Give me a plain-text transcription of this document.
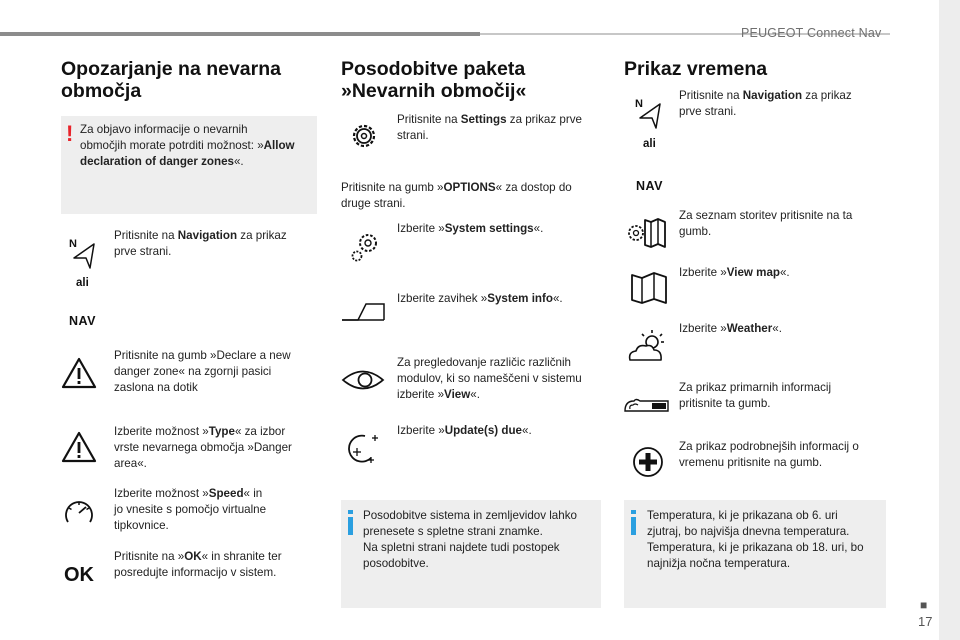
PEUGEOT Connect Nav
■
17
Opozarjanje na nevarna
območja
! Za objavo informacije o nevarnih
območjih morate potrditi možnost: »Allow
declaration of danger zones«.
N
ali
NAV
Pritisnite na Navigation za prikaz
prve strani.
Pritisnite na gumb »Declare a new
danger zone« na zgornji pasici
zaslona na dotik
Izberite možnost »Type« za izbor
vrste nevarnega območja »Danger
area«.
Izberite možnost »Speed« in
jo vnesite s pomočjo virtualne
tipkovnice.
OK
Pritisnite na »OK« in shranite ter
posredujte informacijo v sistem.
Posodobitve paketa
»Nevarnih območij«
Pritisnite na Settings za prikaz prve
strani.
Pritisnite na gumb »OPTIONS« za dostop do
druge strani.
Izberite »System settings«.
Izberite zavihek »System info«.
Za pregledovanje različic različnih
modulov, ki so nameščeni v sistemu
izberite »View«.
Izberite »Update(s) due«.
Posodobitve sistema in zemljevidov lahko
prenesete s spletne strani znamke.
Na spletni strani najdete tudi postopek
posodobitve.
Prikaz vremena
N
ali
NAV
Pritisnite na Navigation za prikaz
prve strani.
Za seznam storitev pritisnite na ta
gumb.
Izberite »View map«.
Izberite »Weather«.
Za prikaz primarnih informacij
pritisnite ta gumb.
Za prikaz podrobnejših informacij o
vremenu pritisnite na gumb.
Temperatura, ki je prikazana ob 6. uri
zjutraj, bo najvišja dnevna temperatura.
Temperatura, ki je prikazana ob 18. uri, bo
najnižja nočna temperatura.
